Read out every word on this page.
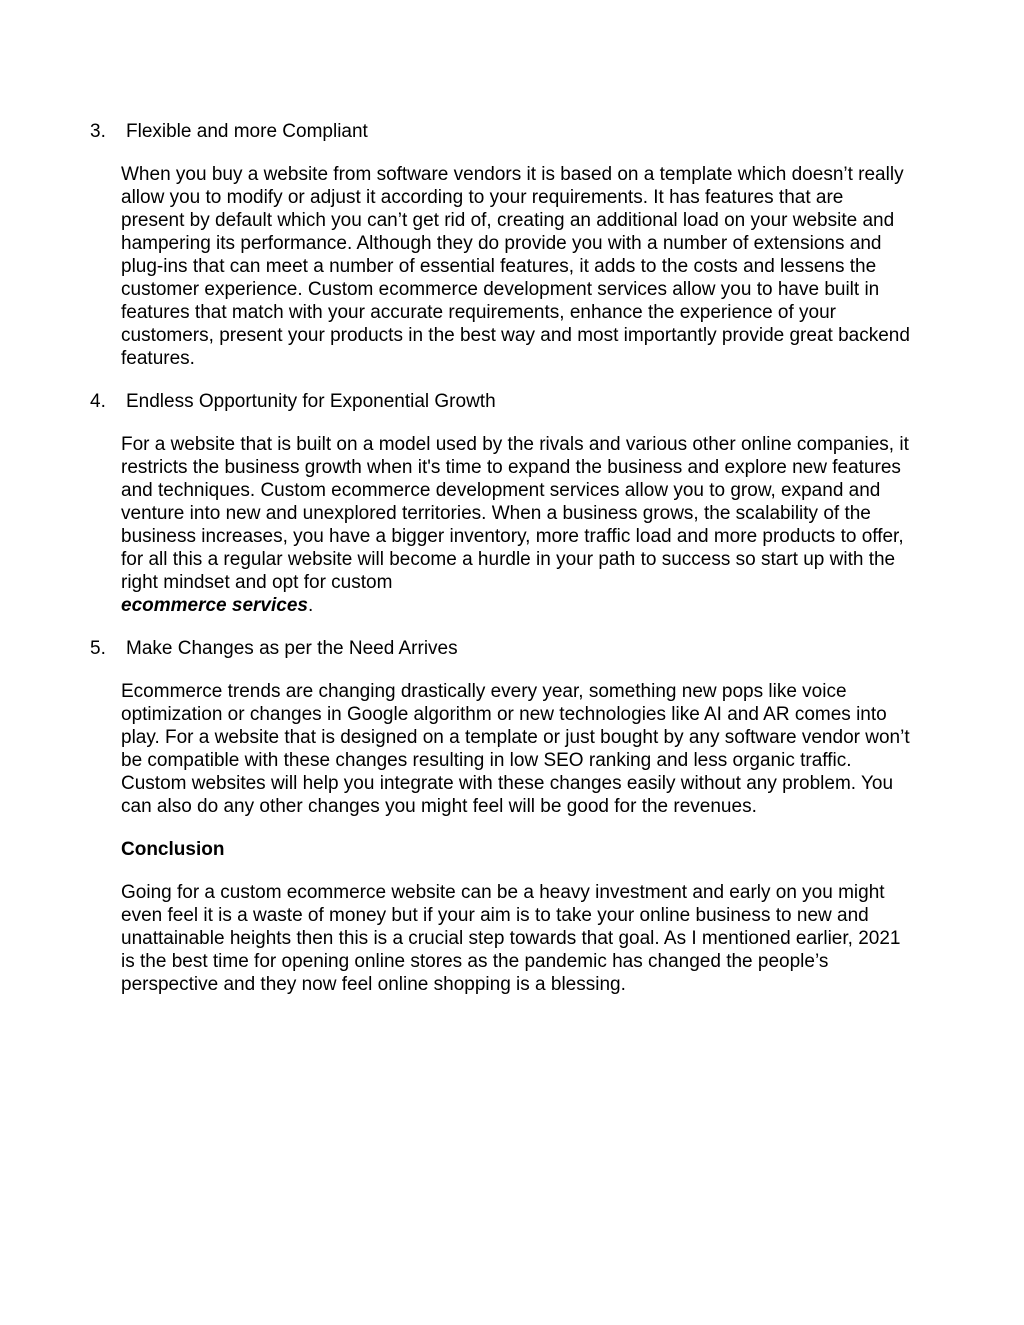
3.	Flexible and more Compliant

When you buy a website from software vendors it is based on a template which doesn’t really allow you to modify or adjust it according to your requirements. It has features that are present by default which you can’t get rid of, creating an additional load on your website and hampering its performance. Although they do provide you with a number of extensions and plug-ins that can meet a number of essential features, it adds to the costs and lessens the customer experience. Custom ecommerce development services allow you to have built in features that match with your accurate requirements, enhance the experience of your customers, present your products in the best way and most importantly provide great backend features.

4.	Endless Opportunity for Exponential Growth

For a website that is built on a model used by the rivals and various other online companies, it restricts the business growth when it's time to expand the business and explore new features and techniques. Custom ecommerce development services allow you to grow, expand and venture into new and unexplored territories. When a business grows, the scalability of the business increases, you have a bigger inventory, more traffic load and more products to offer, for all this a regular website will become a hurdle in your path to success so start up with the right mindset and opt for custom
ecommerce services.

5.	Make Changes as per the Need Arrives

Ecommerce trends are changing drastically every year, something new pops like voice optimization or changes in Google algorithm or new technologies like AI and AR comes into play. For a website that is designed on a template or just bought by any software vendor won’t be compatible with these changes resulting in low SEO ranking and less organic traffic. Custom websites will help you integrate with these changes easily without any problem. You can also do any other changes you might feel will be good for the revenues.

Conclusion

Going for a custom ecommerce website can be a heavy investment and early on you might even feel it is a waste of money but if your aim is to take your online business to new and unattainable heights then this is a crucial step towards that goal. As I mentioned earlier, 2021 is the best time for opening online stores as the pandemic has changed the people’s perspective and they now feel online shopping is a blessing.
